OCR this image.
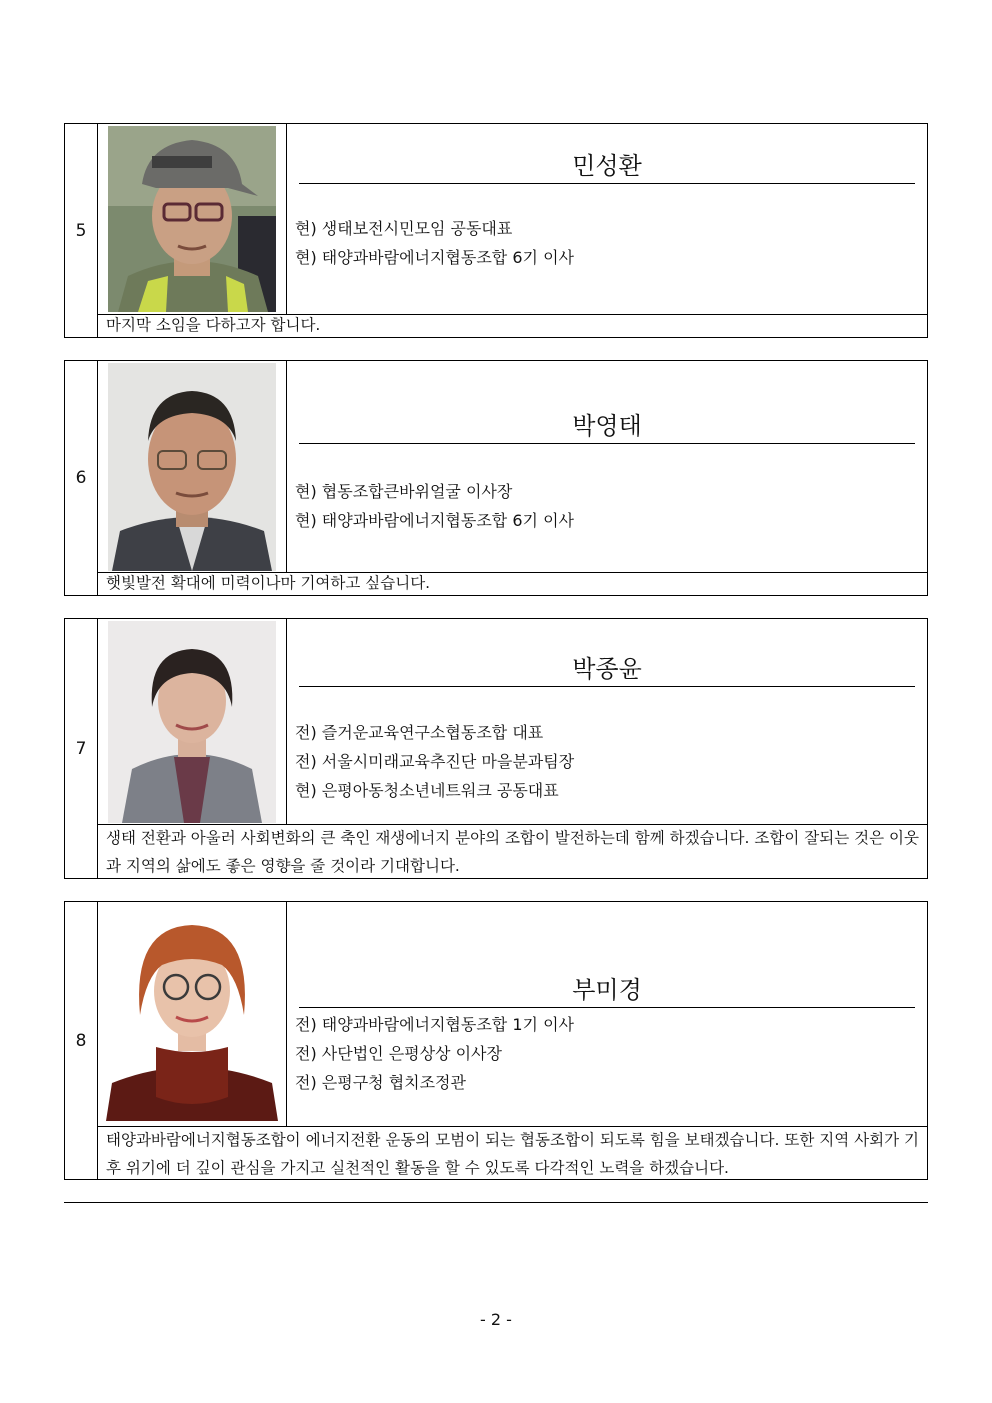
5
민성환
현) 생태보전시민모임 공동대표
현) 태양과바람에너지협동조합 6기 이사
마지막 소임을 다하고자 합니다.
6
박영태
현) 협동조합큰바위얼굴 이사장
현) 태양과바람에너지협동조합 6기 이사
햇빛발전 확대에 미력이나마 기여하고 싶습니다.
7
박종윤
전) 즐거운교육연구소협동조합 대표
전) 서울시미래교육추진단 마을분과팀장
현) 은평아동청소년네트워크 공동대표
생태 전환과 아울러 사회변화의 큰 축인 재생에너지 분야의 조합이 발전하는데 함께 하겠습니다. 조합이 잘되는 것은 이웃과 지역의 삶에도 좋은 영향을 줄 것이라 기대합니다.
8
부미경
전) 태양과바람에너지협동조합 1기 이사
전) 사단법인 은평상상 이사장
전) 은평구청 협치조정관
태양과바람에너지협동조합이 에너지전환 운동의 모범이 되는 협동조합이 되도록 힘을 보태겠습니다. 또한 지역 사회가 기후 위기에 더 깊이 관심을 가지고 실천적인 활동을 할 수 있도록 다각적인 노력을 하겠습니다.
- 2 -
